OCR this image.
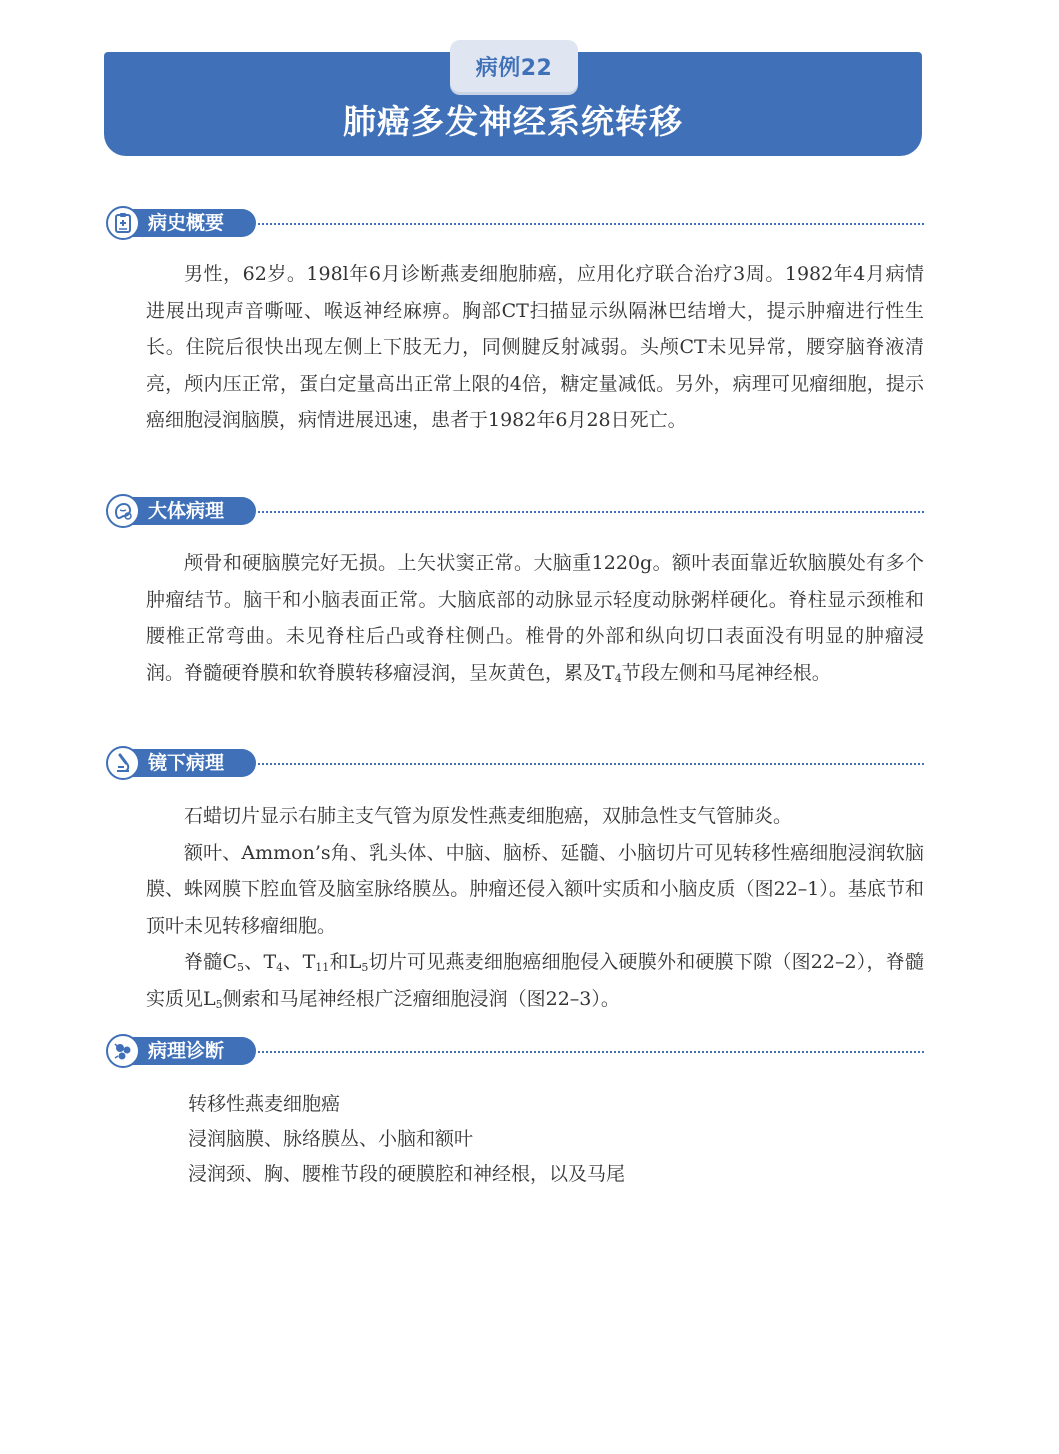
病例22
肺癌多发神经系统转移
病史概要

男性，62岁。198l年6月诊断燕麦细胞肺癌，应用化疗联合治疗3周。1982年4月病情进展出现声音嘶哑、喉返神经麻痹。胸部CT扫描显示纵隔淋巴结增大，提示肿瘤进行性生长。住院后很快出现左侧上下肢无力，同侧腱反射减弱。头颅CT未见异常，腰穿脑脊液清亮，颅内压正常，蛋白定量高出正常上限的4倍，糖定量减低。另外，病理可见瘤细胞，提示癌细胞浸润脑膜，病情进展迅速，患者于1982年6月28日死亡。

大体病理

颅骨和硬脑膜完好无损。上矢状窦正常。大脑重1220g。额叶表面靠近软脑膜处有多个肿瘤结节。脑干和小脑表面正常。大脑底部的动脉显示轻度动脉粥样硬化。脊柱显示颈椎和腰椎正常弯曲。未见脊柱后凸或脊柱侧凸。椎骨的外部和纵向切口表面没有明显的肿瘤浸润。脊髓硬脊膜和软脊膜转移瘤浸润，呈灰黄色，累及$T_4$节段左侧和马尾神经根。

镜下病理

石蜡切片显示右肺主支气管为原发性燕麦细胞癌，双肺急性支气管肺炎。

额叶、Ammon’s角、乳头体、中脑、脑桥、延髓、小脑切片可见转移性癌细胞浸润软脑膜、蛛网膜下腔血管及脑室脉络膜丛。肿瘤还侵入额叶实质和小脑皮质（图22–1）。基底节和顶叶未见转移瘤细胞。

脊髓$C_5$、$T_4$、$T_{11}$和$L_5$切片可见燕麦细胞癌细胞侵入硬膜外和硬膜下隙（图22–2），脊髓实质见$L_5$侧索和马尾神经根广泛瘤细胞浸润（图22–3）。

病理诊断
转移性燕麦细胞癌
浸润脑膜、脉络膜丛、小脑和额叶
浸润颈、胸、腰椎节段的硬膜腔和神经根，以及马尾
